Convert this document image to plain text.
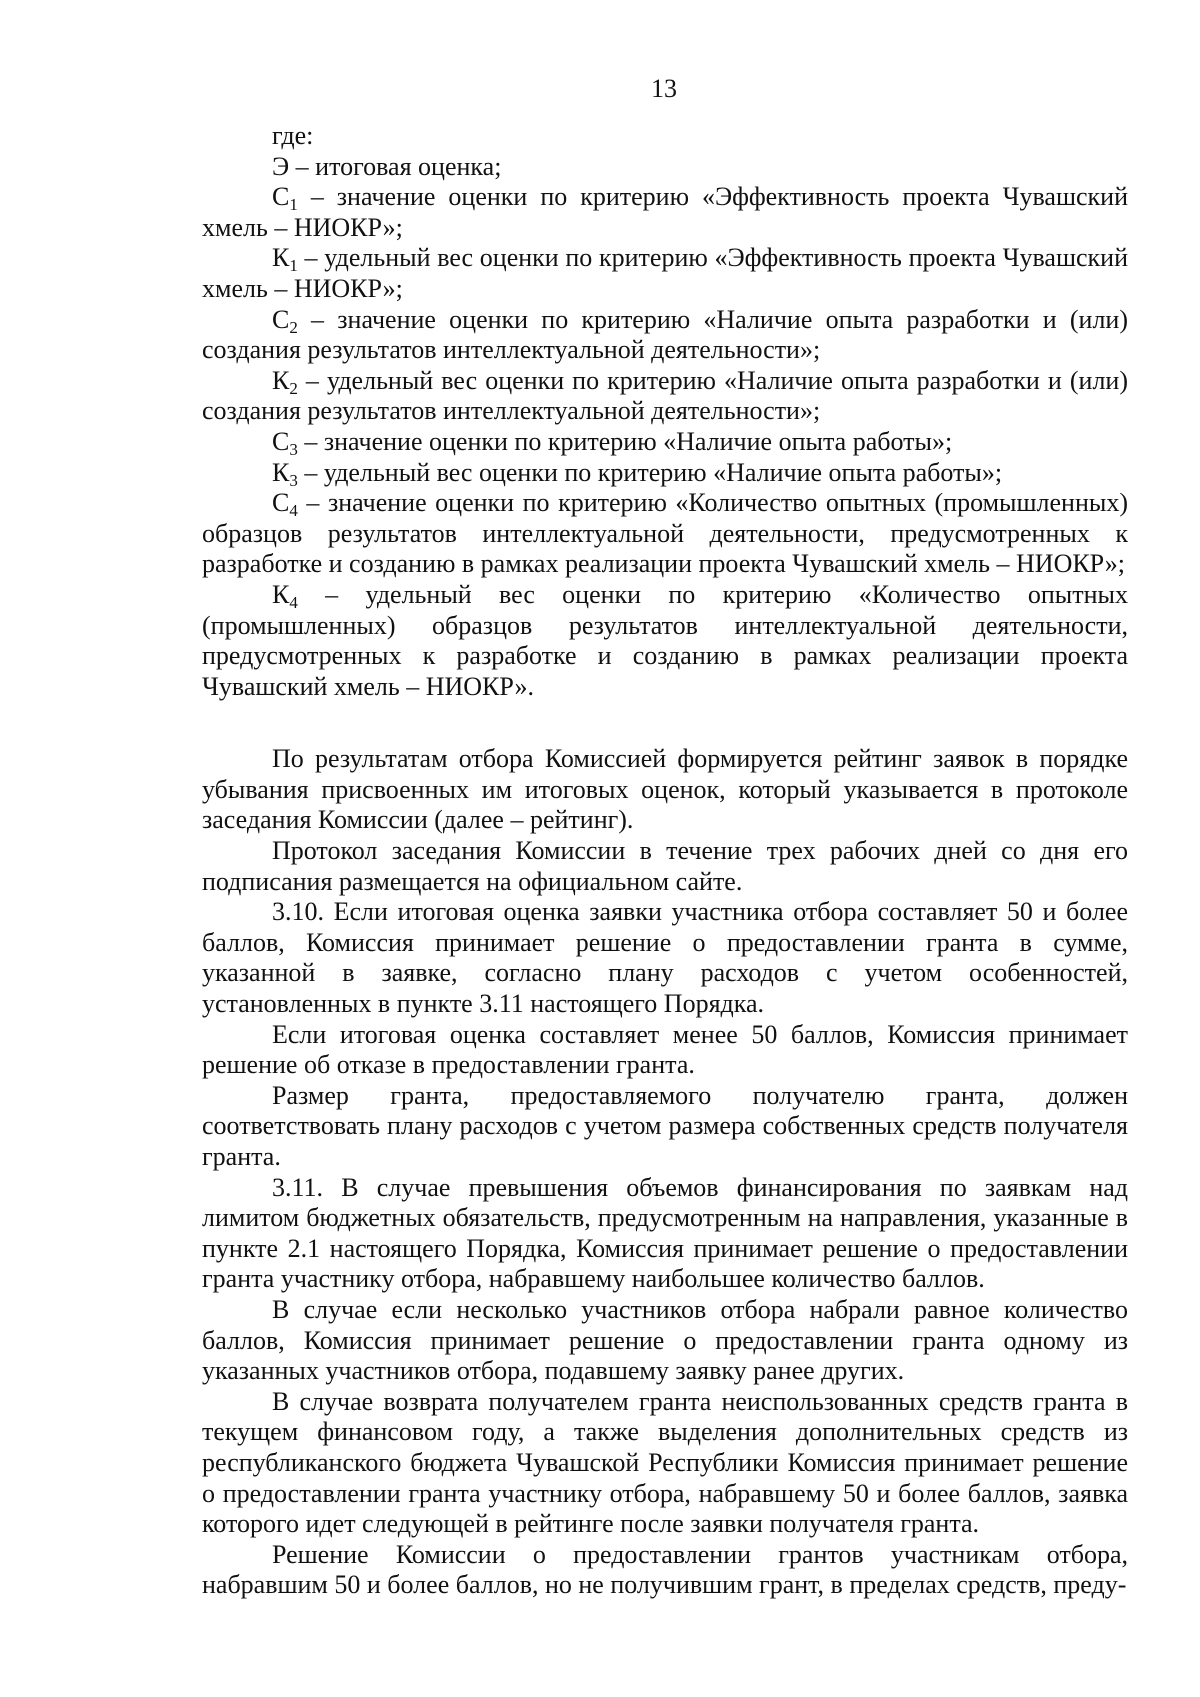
13

где:

Э – итоговая оценка;

$С_1$ – значение оценки по критерию «Эффективность проекта Чувашский хмель – НИОКР»;

$К_1$ – удельный вес оценки по критерию «Эффективность проекта Чувашский хмель – НИОКР»;

$С_2$ – значение оценки по критерию «Наличие опыта разработки и (или) создания результатов интеллектуальной деятельности»;

$К_2$ – удельный вес оценки по критерию «Наличие опыта разработки и (или) создания результатов интеллектуальной деятельности»;

$С_3$ – значение оценки по критерию «Наличие опыта работы»;

$К_3$ – удельный вес оценки по критерию «Наличие опыта работы»;

$С_4$ – значение оценки по критерию «Количество опытных (промышленных) образцов результатов интеллектуальной деятельности, предусмотренных к разработке и созданию в рамках реализации проекта Чувашский хмель – НИОКР»;

$К_4$ – удельный вес оценки по критерию «Количество опытных (промышленных) образцов результатов интеллектуальной деятельности, предусмотренных к разработке и созданию в рамках реализации проекта Чувашский хмель – НИОКР».

По результатам отбора Комиссией формируется рейтинг заявок в порядке убывания присвоенных им итоговых оценок, который указывается в протоколе заседания Комиссии (далее – рейтинг).

Протокол заседания Комиссии в течение трех рабочих дней со дня его подписания размещается на официальном сайте.

3.10. Если итоговая оценка заявки участника отбора составляет 50 и более баллов, Комиссия принимает решение о предоставлении гранта в сумме, указанной в заявке, согласно плану расходов с учетом особенностей, установленных в пункте 3.11 настоящего Порядка.

Если итоговая оценка составляет менее 50 баллов, Комиссия принимает решение об отказе в предоставлении гранта.

Размер гранта, предоставляемого получателю гранта, должен соответствовать плану расходов с учетом размера собственных средств получателя гранта.

3.11. В случае превышения объемов финансирования по заявкам над лимитом бюджетных обязательств, предусмотренным на направления, указанные в пункте 2.1 настоящего Порядка, Комиссия принимает решение о предоставлении гранта участнику отбора, набравшему наибольшее количество баллов.

В случае если несколько участников отбора набрали равное количество баллов, Комиссия принимает решение о предоставлении гранта одному из указанных участников отбора, подавшему заявку ранее других.

В случае возврата получателем гранта неиспользованных средств гранта в текущем финансовом году, а также выделения дополнительных средств из республиканского бюджета Чувашской Республики Комиссия принимает решение о предоставлении гранта участнику отбора, набравшему 50 и более баллов, заявка которого идет следующей в рейтинге после заявки получателя гранта.

Решение Комиссии о предоставлении грантов участникам отбора, набравшим 50 и более баллов, но не получившим грант, в пределах средств, преду-
